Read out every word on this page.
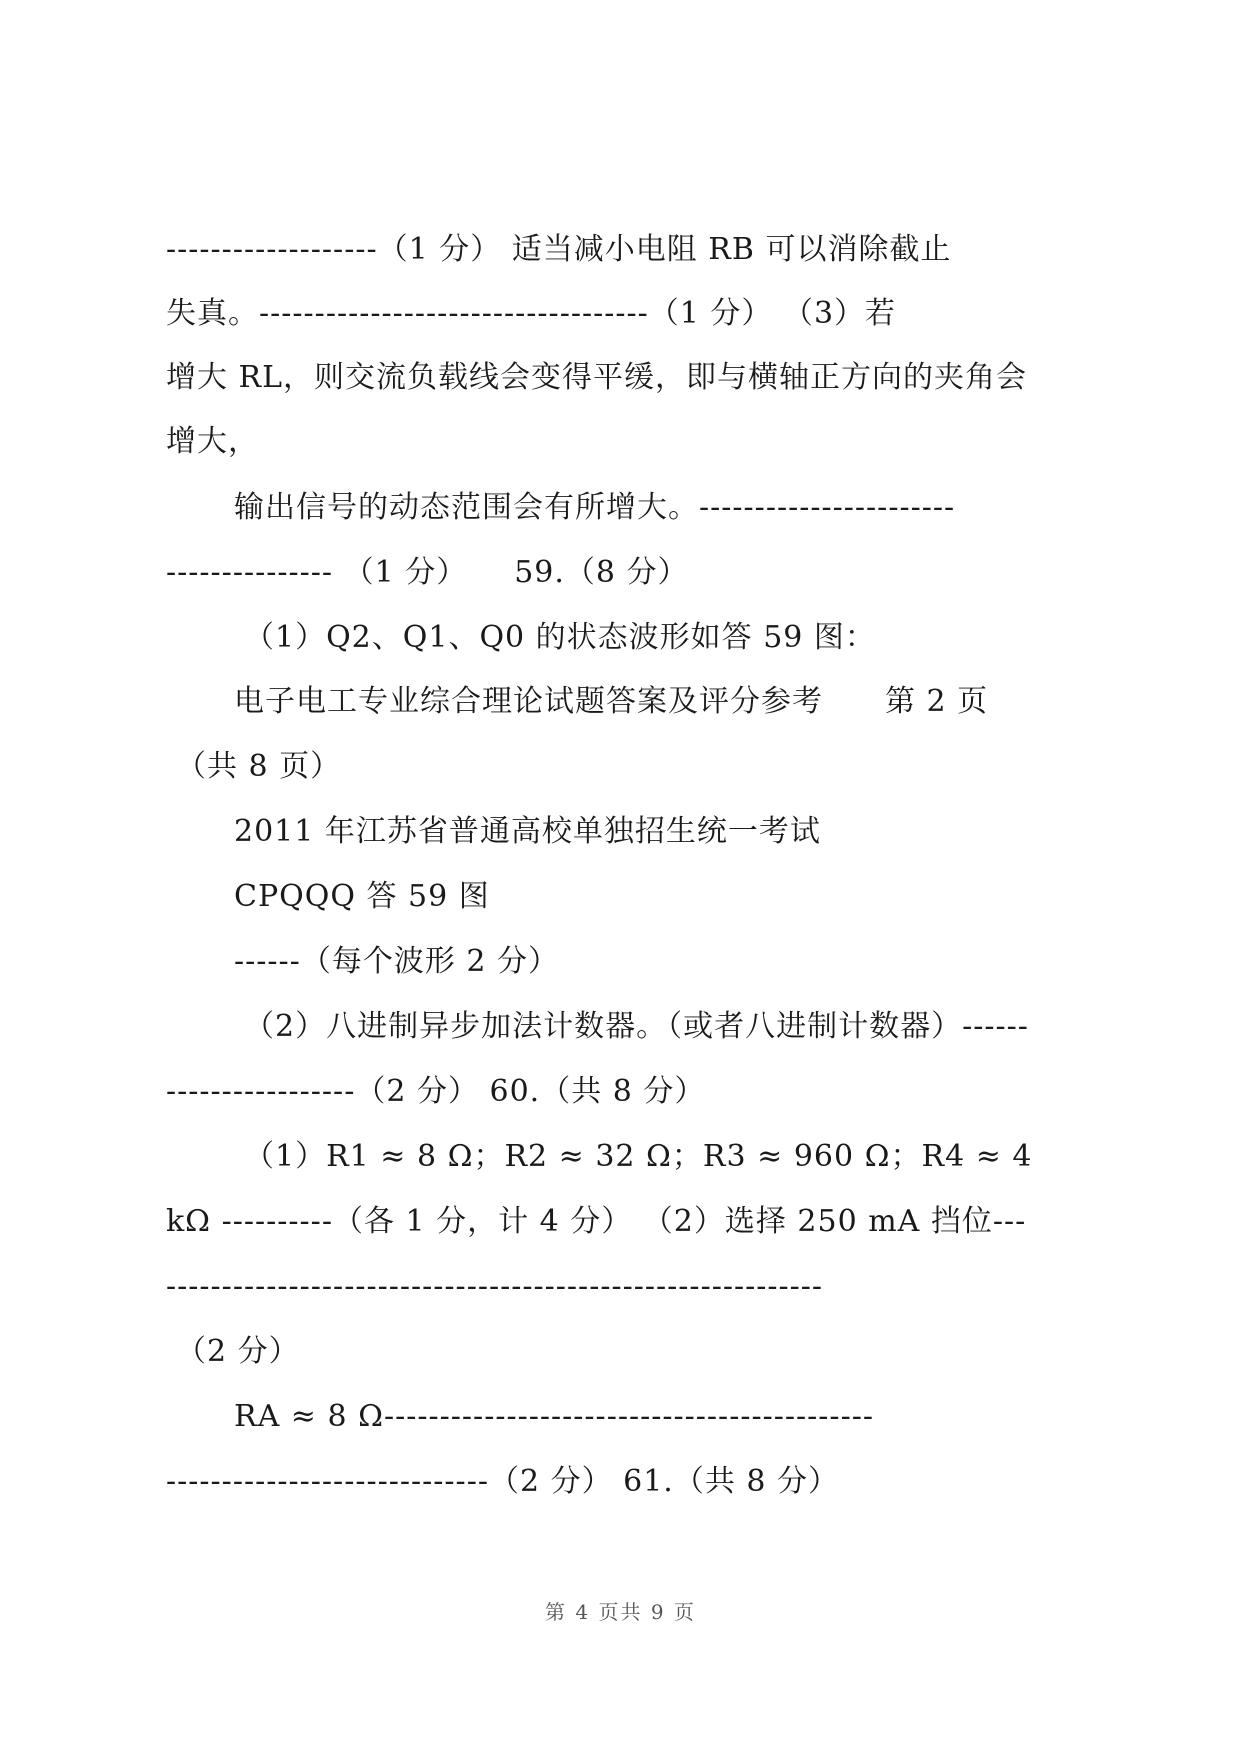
-------------------（1 分） 适当减小电阻 RB 可以消除截止
失真。-----------------------------------（1 分） （3）若
增大 RL，则交流负载线会变得平缓，即与横轴正方向的夹角会
增大，
输出信号的动态范围会有所增大。-----------------------
--------------- （1 分）　　59.（8 分）
（1）Q2、Q1、Q0 的状态波形如答 59 图：
电子电工专业综合理论试题答案及评分参考　　第 2 页
（共 8 页）
2011 年江苏省普通高校单独招生统一考试
CPQQQ 答 59 图
------（每个波形 2 分）
（2）八进制异步加法计数器。（或者八进制计数器）------
-----------------（2 分） 60.（共 8 分）
（1）R1 ≈ 8 Ω；R2 ≈ 32 Ω；R3 ≈ 960 Ω；R4 ≈ 4
kΩ ----------（各 1 分，计 4 分） （2）选择 250 mA 挡位---
-----------------------------------------------------------
（2 分）
RA ≈ 8 Ω--------------------------------------------
-----------------------------（2 分） 61.（共 8 分）
第 4 页共 9 页
